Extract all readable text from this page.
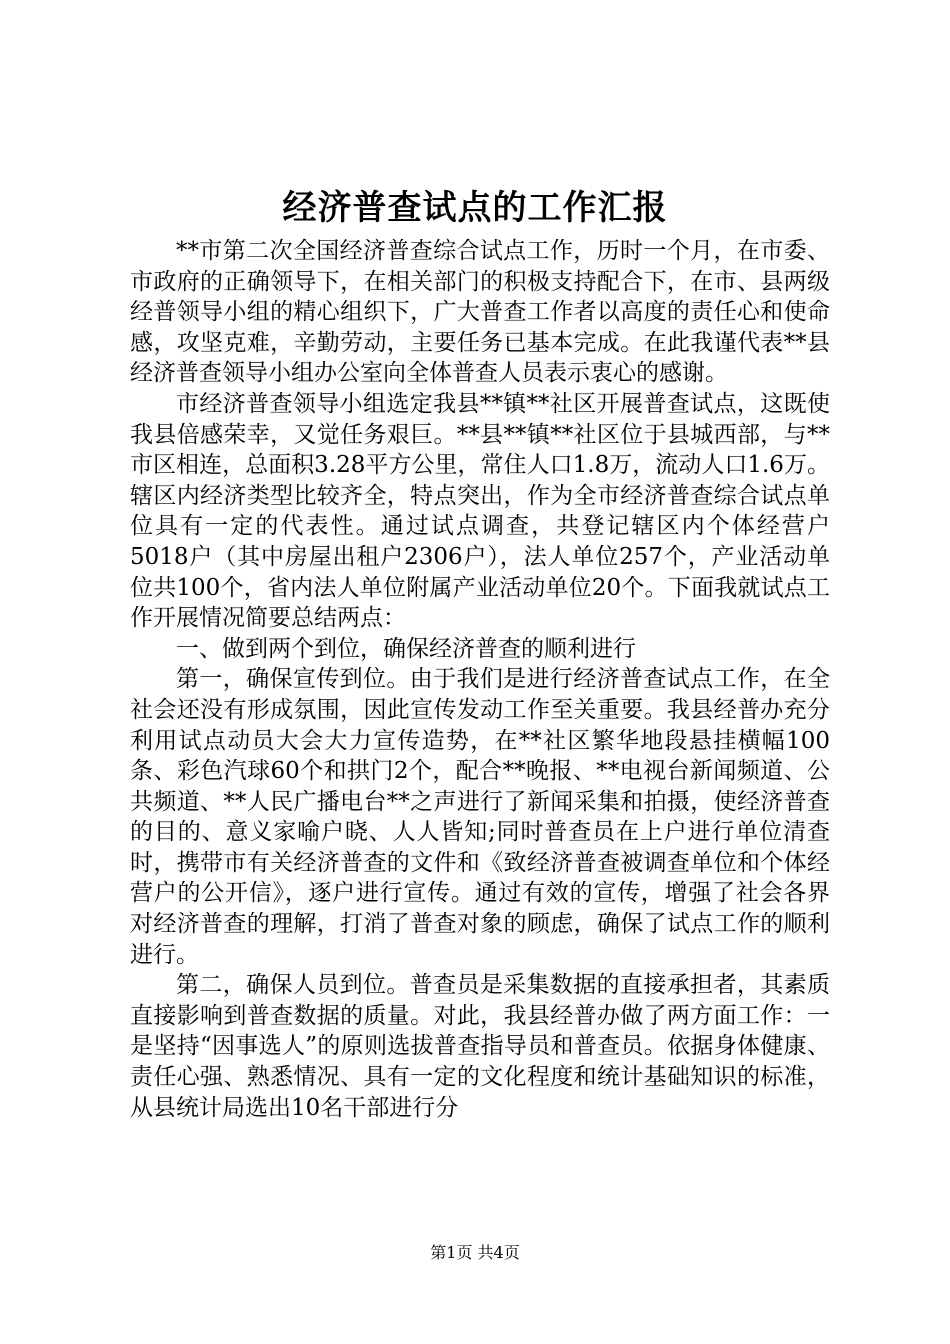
经济普查试点的工作汇报

**市第二次全国经济普查综合试点工作，历时一个月，在市委、市政府的正确领导下，在相关部门的积极支持配合下，在市、县两级经普领导小组的精心组织下，广大普查工作者以高度的责任心和使命感，攻坚克难，辛勤劳动，主要任务已基本完成。在此我谨代表**县经济普查领导小组办公室向全体普查人员表示衷心的感谢。

市经济普查领导小组选定我县**镇**社区开展普查试点，这既使我县倍感荣幸，又觉任务艰巨。**县**镇**社区位于县城西部，与**市区相连，总面积3.28平方公里，常住人口1.8万，流动人口1.6万。辖区内经济类型比较齐全，特点突出，作为全市经济普查综合试点单位具有一定的代表性。通过试点调查，共登记辖区内个体经营户5018户（其中房屋出租户2306户），法人单位257个，产业活动单位共100个，省内法人单位附属产业活动单位20个。下面我就试点工作开展情况简要总结两点：

一、做到两个到位，确保经济普查的顺利进行

第一，确保宣传到位。由于我们是进行经济普查试点工作，在全社会还没有形成氛围，因此宣传发动工作至关重要。我县经普办充分利用试点动员大会大力宣传造势，在**社区繁华地段悬挂横幅100条、彩色汽球60个和拱门2个，配合**晚报、**电视台新闻频道、公共频道、**人民广播电台**之声进行了新闻采集和拍摄，使经济普查的目的、意义家喻户晓、人人皆知;同时普查员在上户进行单位清查时，携带市有关经济普查的文件和《致经济普查被调查单位和个体经营户的公开信》，逐户进行宣传。通过有效的宣传，增强了社会各界对经济普查的理解，打消了普查对象的顾虑，确保了试点工作的顺利进行。

第二，确保人员到位。普查员是采集数据的直接承担者，其素质直接影响到普查数据的质量。对此，我县经普办做了两方面工作：一是坚持“因事选人”的原则选拔普查指导员和普查员。依据身体健康、责任心强、熟悉情况、具有一定的文化程度和统计基础知识的标准，从县统计局选出10名干部进行分

第1页 共4页
